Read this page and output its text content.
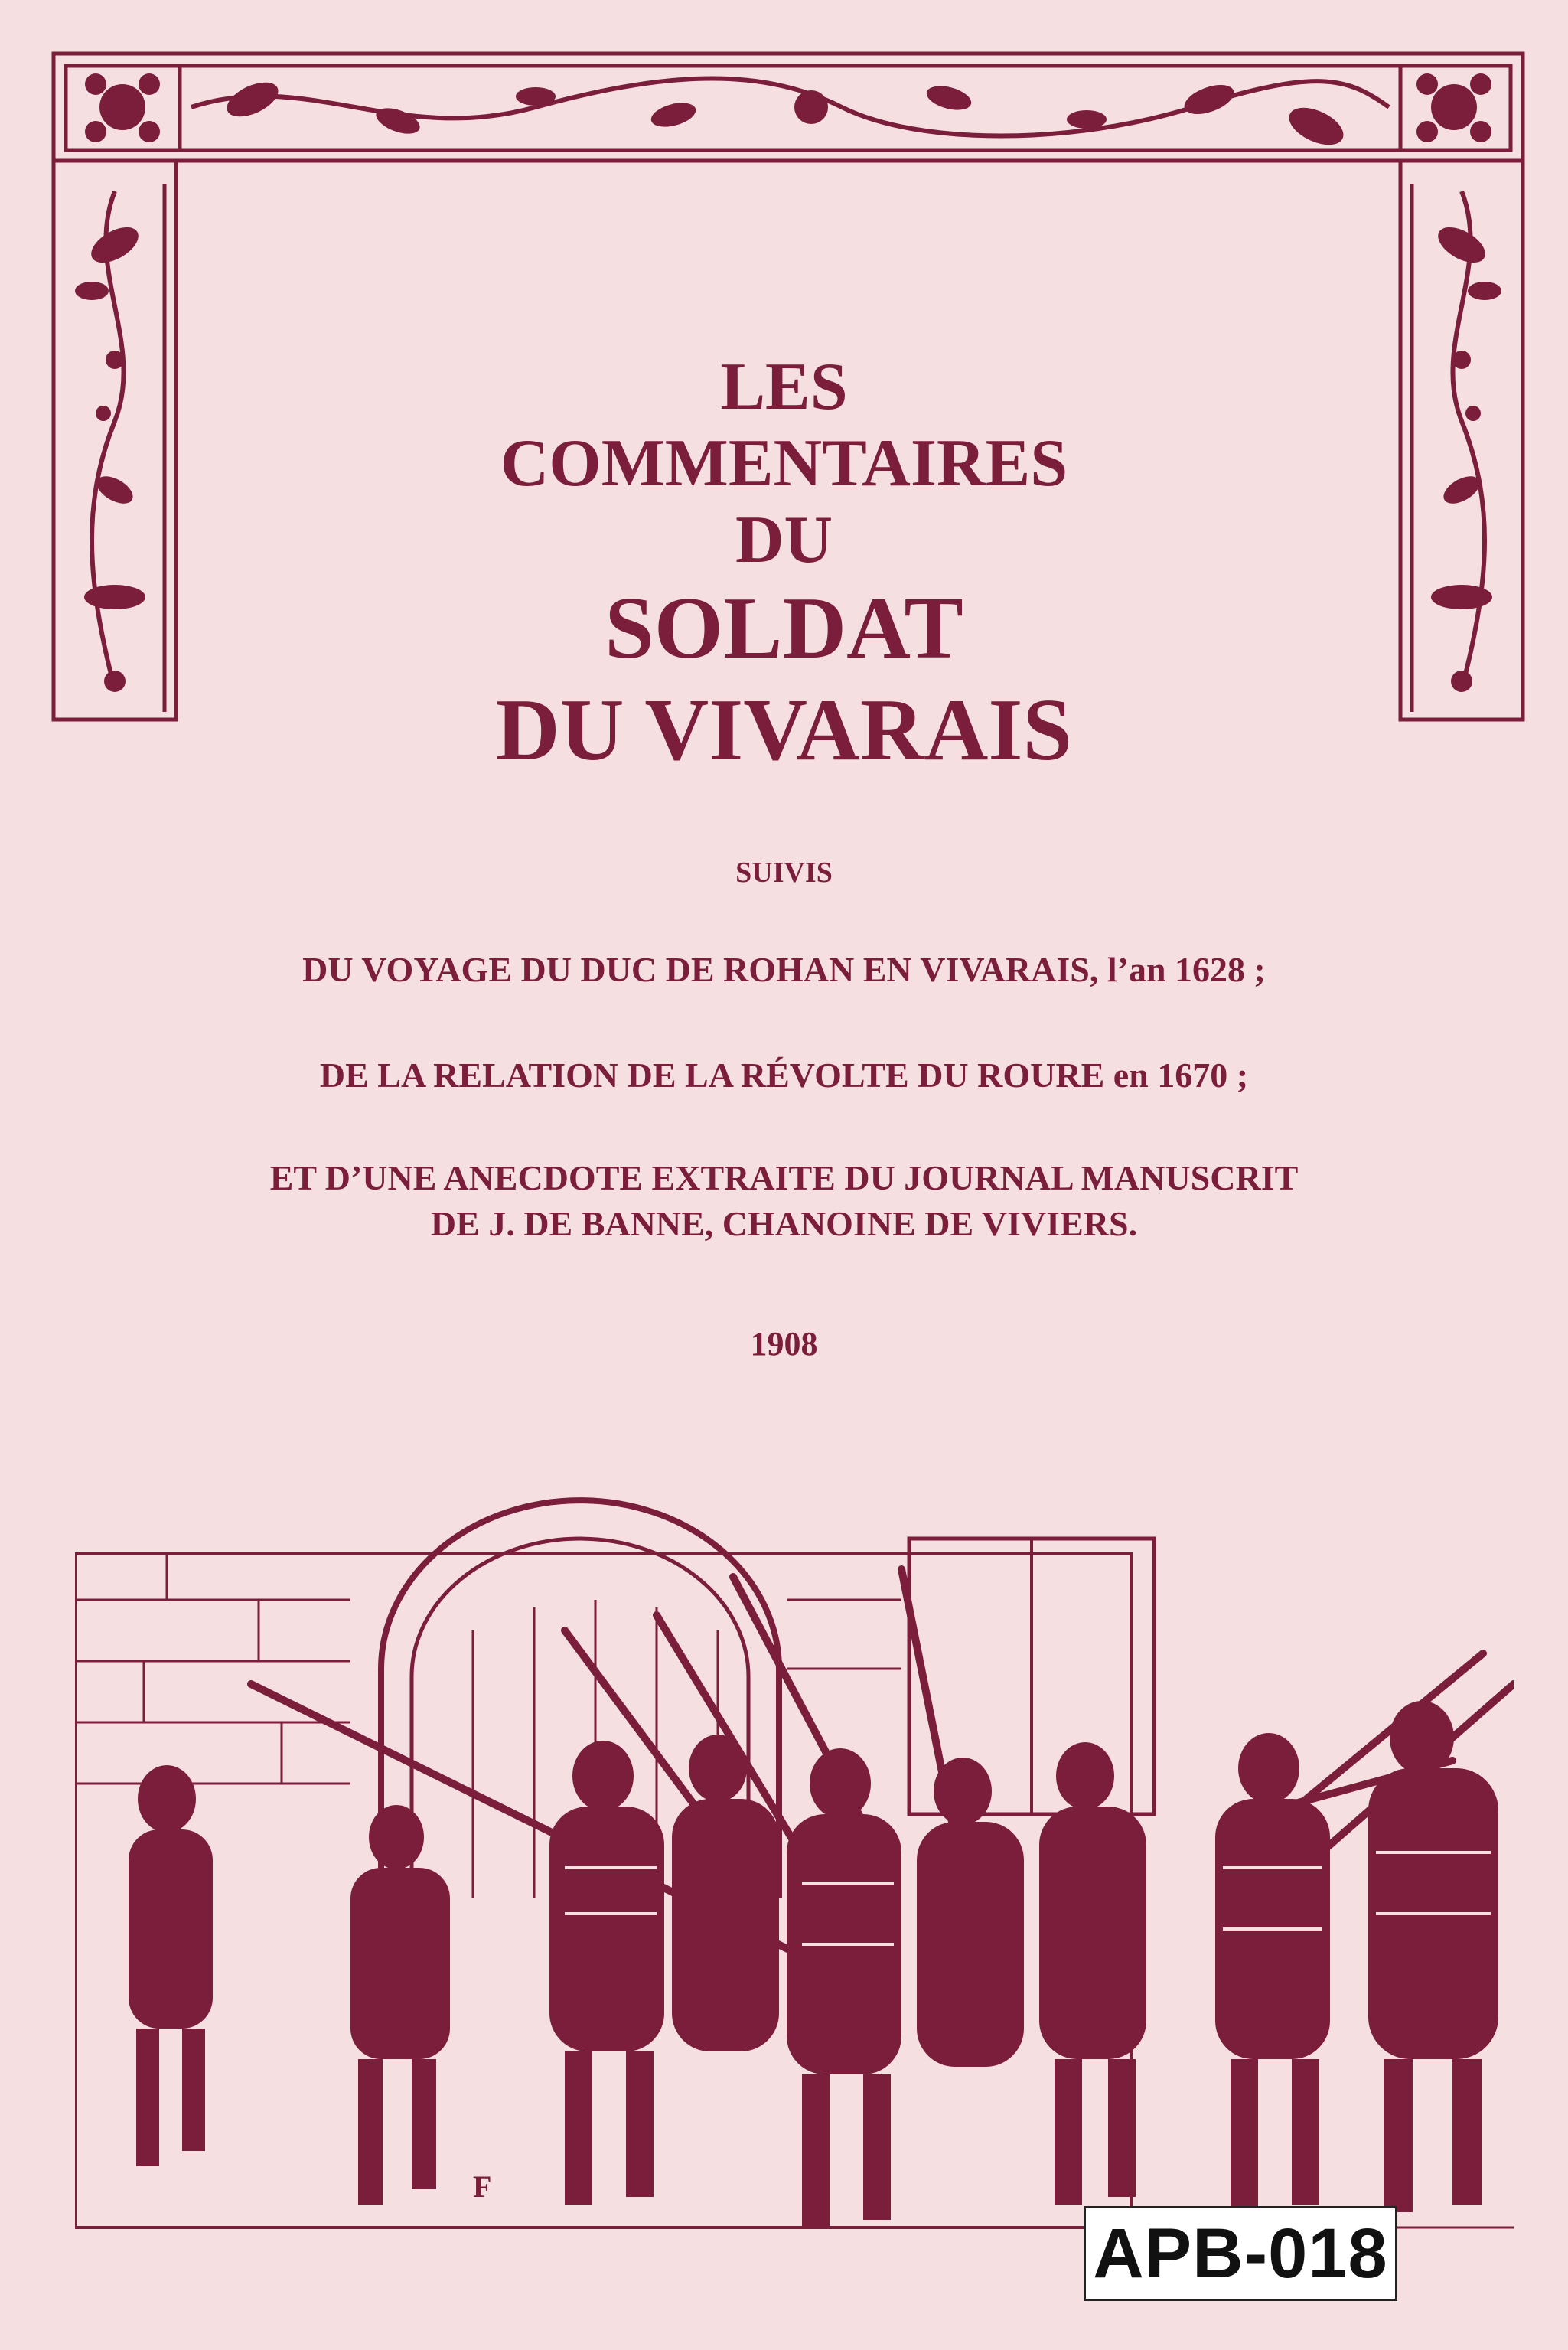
LES
COMMENTAIRES
DU
SOLDAT
DU VIVARAIS
SUIVIS
DU VOYAGE DU DUC DE ROHAN EN VIVARAIS, l’an 1628 ;
DE LA RELATION DE LA RÉVOLTE DU ROURE en 1670 ;
ET D’UNE ANECDOTE EXTRAITE DU JOURNAL MANUSCRIT
DE J. DE BANNE, CHANOINE DE VIVIERS.
1908
F
APB-018
